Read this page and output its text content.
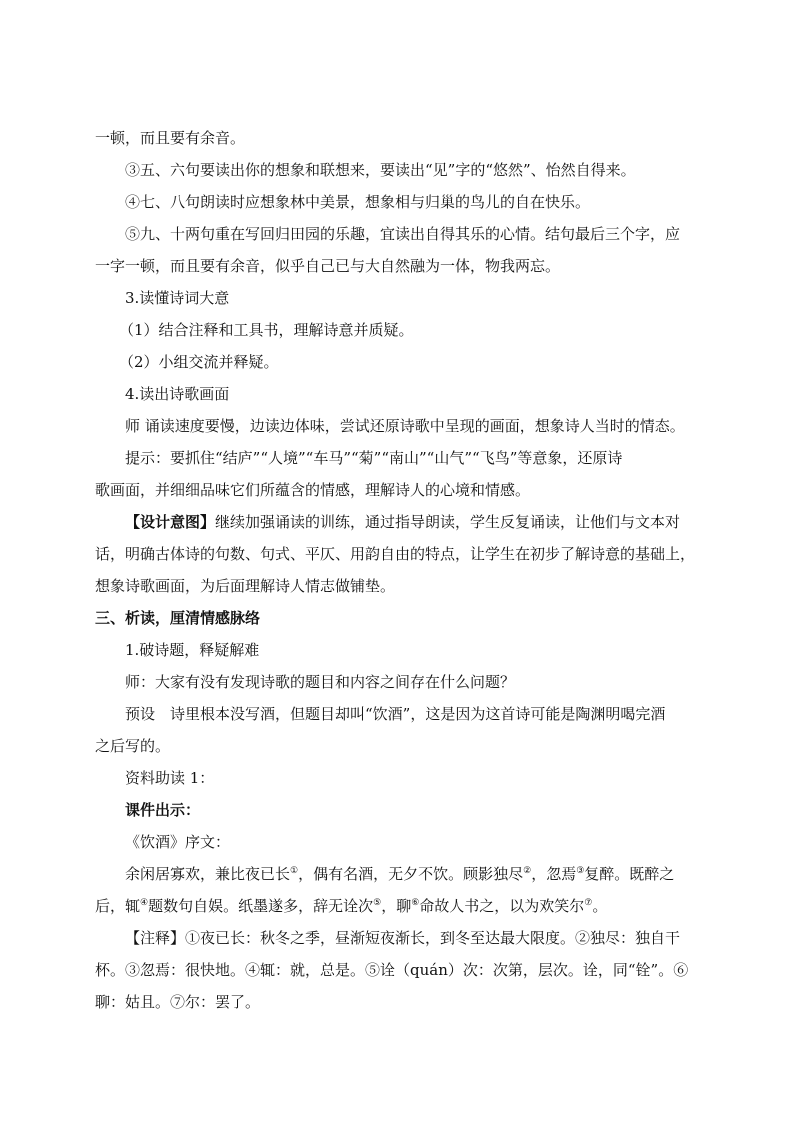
一顿，而且要有余音。
③五、六句要读出你的想象和联想来，要读出“见”字的“悠然”、怡然自得来。
④七、八句朗读时应想象林中美景，想象相与归巢的鸟儿的自在快乐。
⑤九、十两句重在写回归田园的乐趣，宜读出自得其乐的心情。结句最后三个字，应
一字一顿，而且要有余音，似乎自己已与大自然融为一体，物我两忘。
3.读懂诗词大意
（1）结合注释和工具书，理解诗意并质疑。
（2）小组交流并释疑。
4.读出诗歌画面
师 诵读速度要慢，边读边体味，尝试还原诗歌中呈现的画面，想象诗人当时的情态。
提示：要抓住“结庐”“人境”“车马”“菊”“南山”“山气”“飞鸟”等意象，还原诗
歌画面，并细细品味它们所蕴含的情感，理解诗人的心境和情感。
【设计意图】继续加强诵读的训练，通过指导朗读，学生反复诵读，让他们与文本对
话，明确古体诗的句数、句式、平仄、用韵自由的特点，让学生在初步了解诗意的基础上，
想象诗歌画面，为后面理解诗人情志做铺垫。
三、析读，厘清情感脉络
1.破诗题，释疑解难
师：大家有没有发现诗歌的题目和内容之间存在什么问题？
预设　诗里根本没写酒，但题目却叫“饮酒”，这是因为这首诗可能是陶渊明喝完酒
之后写的。
资料助读 1：
课件出示：
《饮酒》序文：
余闲居寡欢，兼比夜已长①，偶有名酒，无夕不饮。顾影独尽②，忽焉③复醉。既醉之
后，辄④题数句自娱。纸墨遂多，辞无诠次⑤，聊⑥命故人书之，以为欢笑尔⑦。
【注释】①夜已长：秋冬之季，昼渐短夜渐长，到冬至达最大限度。②独尽：独自干
杯。③忽焉：很快地。④辄：就，总是。⑤诠（quán）次：次第，层次。诠，同“铨”。⑥
聊：姑且。⑦尔：罢了。
